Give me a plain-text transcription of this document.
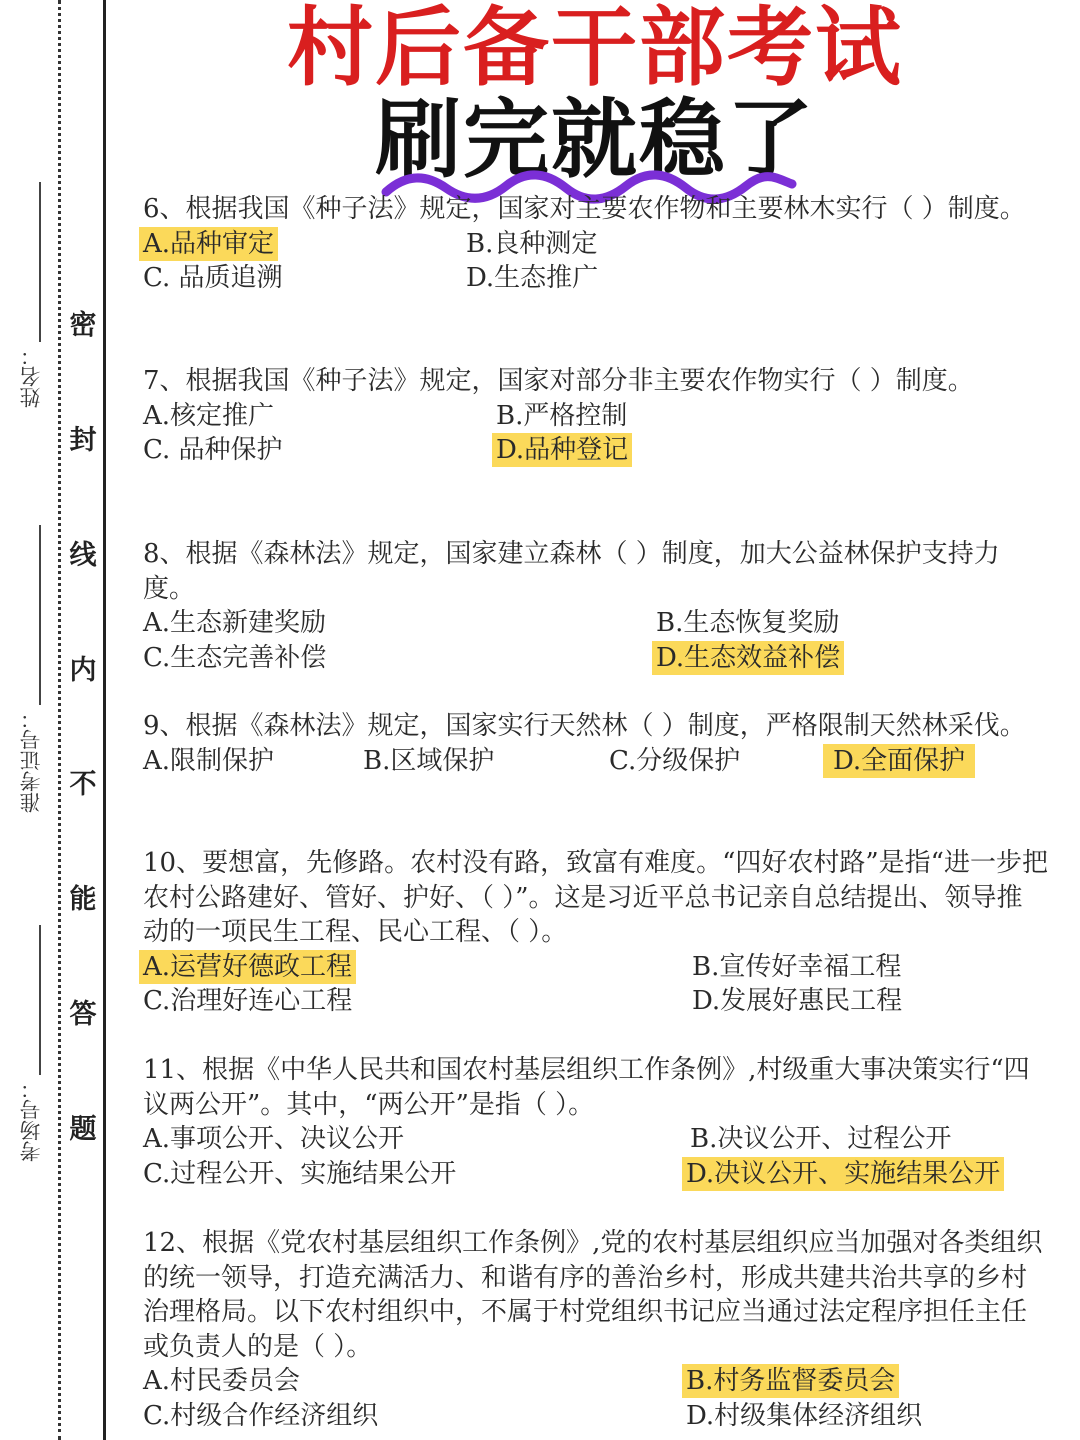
姓名：
准考证号：
考场号：
密
封
线
内
不
能
答
题
村后备干部考试
刷完就稳了
6、根据我国《种子法》规定，国家对主要农作物和主要林木实行（ ）制度。
A.品种审定	B.良种测定
C. 品质追溯	D.生态推广
7、根据我国《种子法》规定，国家对部分非主要农作物实行（ ）制度。
A.核定推广	B.严格控制
C. 品种保护	D.品种登记
8、根据《森林法》规定，国家建立森林（ ）制度，加大公益林保护支持力度。
A.生态新建奖励	B.生态恢复奖励
C.生态完善补偿	D.生态效益补偿
9、根据《森林法》规定，国家实行天然林（ ）制度，严格限制天然林采伐。
A.限制保护	B.区域保护	C.分级保护	D.全面保护
10、要想富，先修路。农村没有路，致富有难度。“四好农村路”是指“进一步把农村公路建好、管好、护好、（ ）”。这是习近平总书记亲自总结提出、领导推动的一项民生工程、民心工程、（ ）。
A.运营好德政工程	B.宣传好幸福工程
C.治理好连心工程	D.发展好惠民工程
11、根据《中华人民共和国农村基层组织工作条例》,村级重大事决策实行“四议两公开”。其中，“两公开”是指（ ）。
A.事项公开、决议公开	B.决议公开、过程公开
C.过程公开、实施结果公开	D.决议公开、实施结果公开
12、根据《党农村基层组织工作条例》,党的农村基层组织应当加强对各类组织的统一领导，打造充满活力、和谐有序的善治乡村，形成共建共治共享的乡村治理格局。以下农村组织中，不属于村党组织书记应当通过法定程序担任主任或负责人的是（ ）。
A.村民委员会	B.村务监督委员会
C.村级合作经济组织	D.村级集体经济组织
